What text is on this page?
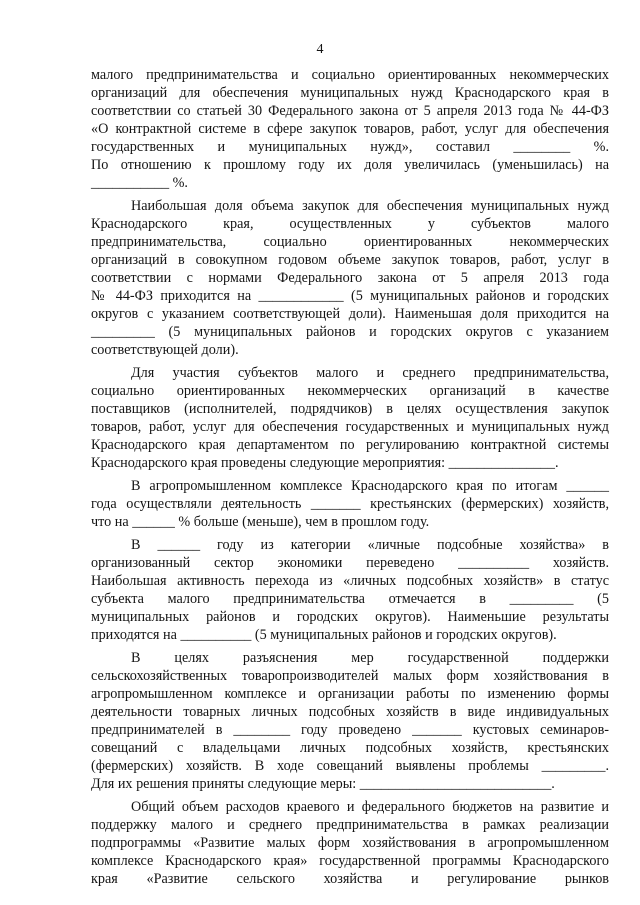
4
малого предпринимательства и социально ориентированных некоммерческих
организаций для обеспечения муниципальных нужд Краснодарского края в
соответствии со статьей 30 Федерального закона от 5 апреля 2013 года № 44-ФЗ
«О контрактной системе в сфере закупок товаров, работ, услуг для обеспечения
государственных и муниципальных нужд», составил ________ %.
По отношению к прошлому году их доля увеличилась (уменьшилась) на
___________ %.
Наибольшая доля объема закупок для обеспечения муниципальных нужд
Краснодарского края, осуществленных у субъектов малого
предпринимательства, социально ориентированных некоммерческих
организаций в совокупном годовом объеме закупок товаров, работ, услуг в
соответствии с нормами Федерального закона от 5 апреля 2013 года
№ 44-ФЗ приходится на ____________ (5 муниципальных районов и городских
округов с указанием соответствующей доли). Наименьшая доля приходится на
_________ (5 муниципальных районов и городских округов с указанием
соответствующей доли).
Для участия субъектов малого и среднего предпринимательства,
социально ориентированных некоммерческих организаций в качестве
поставщиков (исполнителей, подрядчиков) в целях осуществления закупок
товаров, работ, услуг для обеспечения государственных и муниципальных нужд
Краснодарского края департаментом по регулированию контрактной системы
Краснодарского края проведены следующие мероприятия: _______________.
В агропромышленном комплексе Краснодарского края по итогам ______
года осуществляли деятельность _______ крестьянских (фермерских) хозяйств,
что на ______ % больше (меньше), чем в прошлом году.
В ______ году из категории «личные подсобные хозяйства» в
организованный сектор экономики переведено __________ хозяйств.
Наибольшая активность перехода из «личных подсобных хозяйств» в статус
субъекта малого предпринимательства отмечается в _________ (5
муниципальных районов и городских округов). Наименьшие результаты
приходятся на __________ (5 муниципальных районов и городских округов).
В целях разъяснения мер государственной поддержки
сельскохозяйственных товаропроизводителей малых форм хозяйствования в
агропромышленном комплексе и организации работы по изменению формы
деятельности товарных личных подсобных хозяйств в виде индивидуальных
предпринимателей в ________ году проведено _______ кустовых семинаров-
совещаний с владельцами личных подсобных хозяйств, крестьянских
(фермерских) хозяйств. В ходе совещаний выявлены проблемы _________.
Для их решения приняты следующие меры: ___________________________.
Общий объем расходов краевого и федерального бюджетов на развитие и
поддержку малого и среднего предпринимательства в рамках реализации
подпрограммы «Развитие малых форм хозяйствования в агропромышленном
комплексе Краснодарского края» государственной программы Краснодарского
края «Развитие сельского хозяйства и регулирование рынков
